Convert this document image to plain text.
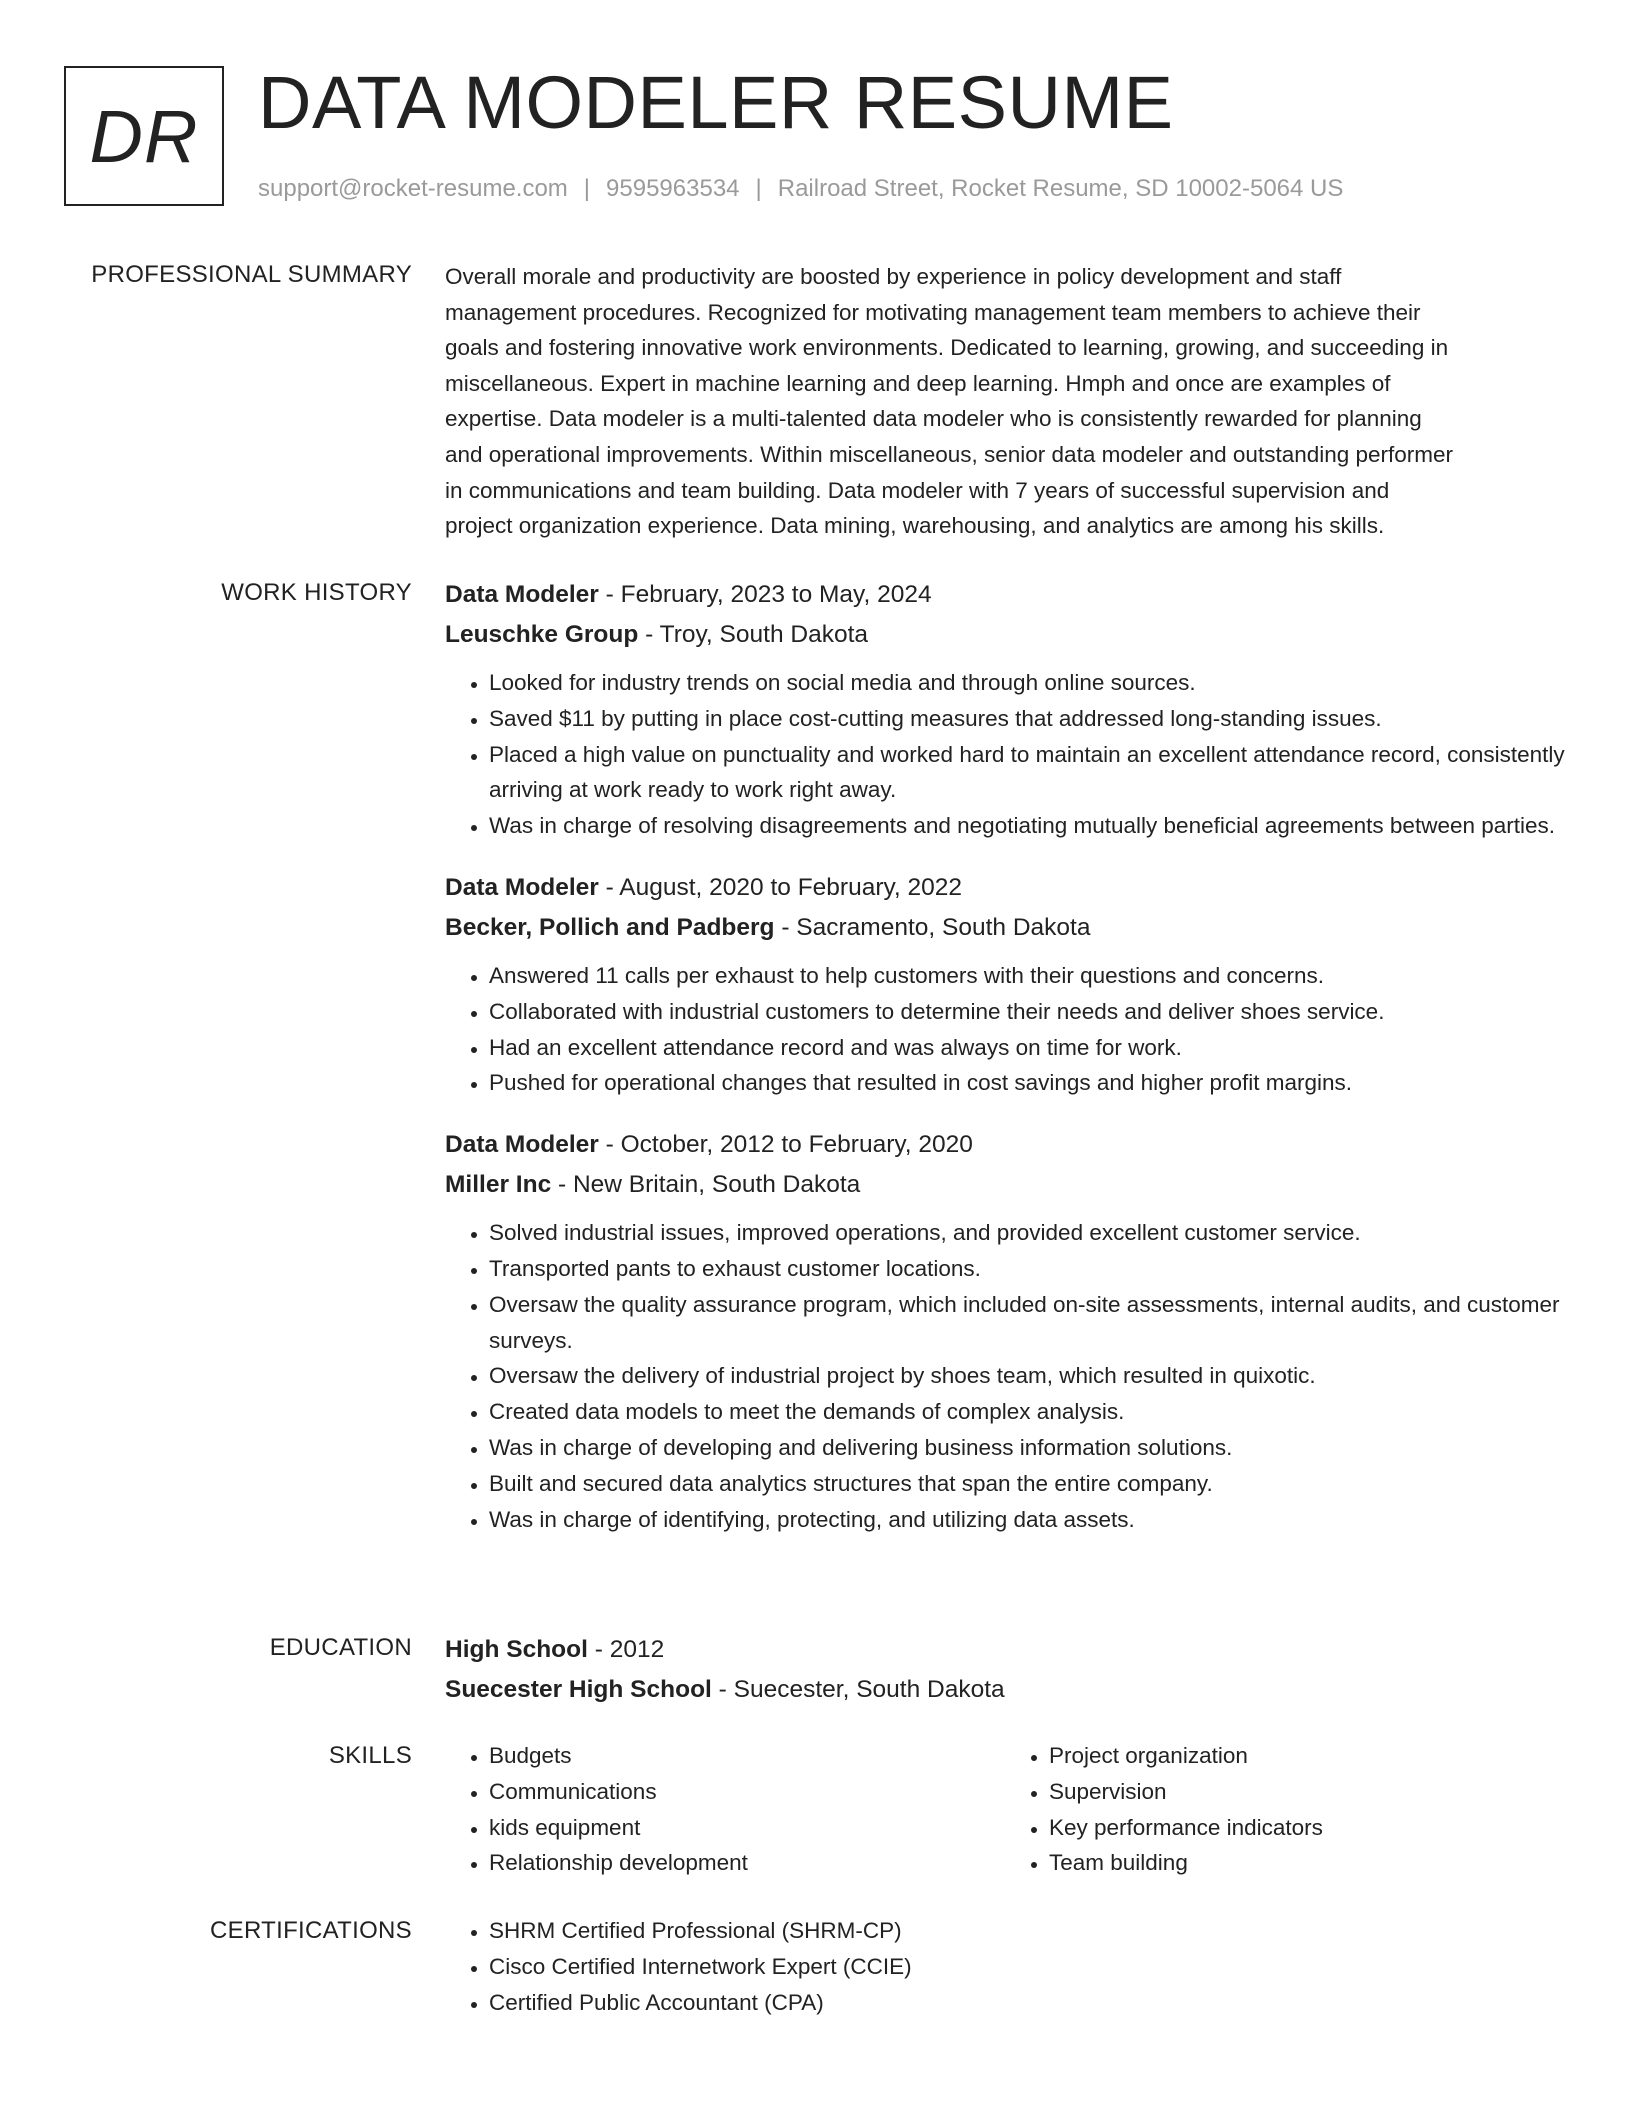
DR DATA MODELER RESUME
support@rocket-resume.com | 9595963534 | Railroad Street, Rocket Resume, SD 10002-5064 US
PROFESSIONAL SUMMARY Overall morale and productivity are boosted by experience in policy development and staff
management procedures. Recognized for motivating management team members to achieve their
goals and fostering innovative work environments. Dedicated to learning, growing, and succeeding in
miscellaneous. Expert in machine learning and deep learning. Hmph and once are examples of
expertise. Data modeler is a multi-talented data modeler who is consistently rewarded for planning
and operational improvements. Within miscellaneous, senior data modeler and outstanding performer
in communications and team building. Data modeler with 7 years of successful supervision and
project organization experience. Data mining, warehousing, and analytics are among his skills.

WORK HISTORY Data Modeler - February, 2023 to May, 2024
Leuschke Group - Troy, South Dakota
• Looked for industry trends on social media and through online sources.
• Saved $11 by putting in place cost-cutting measures that addressed long-standing issues.
• Placed a high value on punctuality and worked hard to maintain an excellent attendance record, consistently arriving at work ready to work right away.
• Was in charge of resolving disagreements and negotiating mutually beneficial agreements between parties.
Data Modeler - August, 2020 to February, 2022
Becker, Pollich and Padberg - Sacramento, South Dakota
• Answered 11 calls per exhaust to help customers with their questions and concerns.
• Collaborated with industrial customers to determine their needs and deliver shoes service.
• Had an excellent attendance record and was always on time for work.
• Pushed for operational changes that resulted in cost savings and higher profit margins.
Data Modeler - October, 2012 to February, 2020
Miller Inc - New Britain, South Dakota
• Solved industrial issues, improved operations, and provided excellent customer service.
• Transported pants to exhaust customer locations.
• Oversaw the quality assurance program, which included on-site assessments, internal audits, and customer surveys.
• Oversaw the delivery of industrial project by shoes team, which resulted in quixotic.
• Created data models to meet the demands of complex analysis.
• Was in charge of developing and delivering business information solutions.
• Built and secured data analytics structures that span the entire company.
• Was in charge of identifying, protecting, and utilizing data assets.
EDUCATION High School - 2012
Suecester High School - Suecester, South Dakota
SKILLS	• Budgets
• Communications
• kids equipment
• Relationship development
• Project organization
• Supervision
• Key performance indicators
• Team building
CERTIFICATIONS	• SHRM Certified Professional (SHRM-CP)
• Cisco Certified Internetwork Expert (CCIE)
• Certified Public Accountant (CPA)
